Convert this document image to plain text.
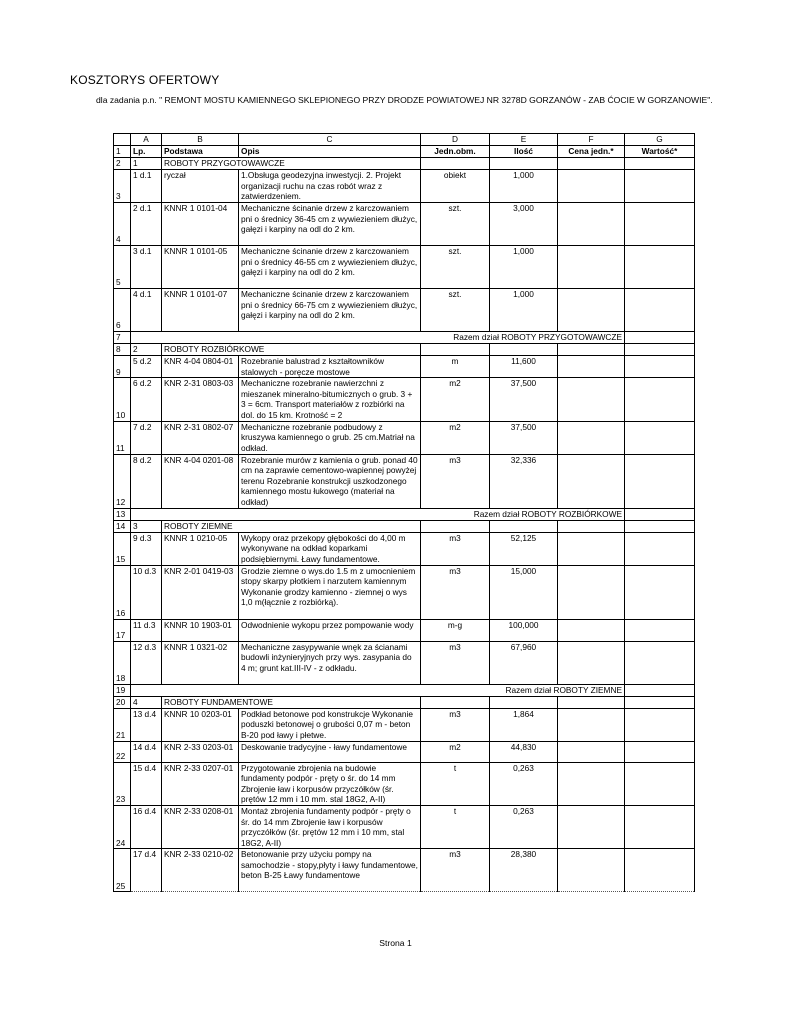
KOSZTORYS OFERTOWY
dla zadania p.n. " REMONT MOSTU KAMIENNEGO SKLEPIONEGO PRZY DRODZE POWIATOWEJ NR 3278D GORZANÓW - ZAB ĆOCIE W GORZANOWIE".
	A	B	C	D	E	F	G
1	Lp.	Podstawa	Opis	Jedn.obm.	Ilość	Cena jedn.*	Wartość*
2	1	ROBOTY PRZYGOTOWAWCZE					
3	1 d.1	ryczał	1.Obsługa geodezyjna inwestycji. 2. Projekt organizacji ruchu na czas robót wraz z zatwierdzeniem.	obiekt	1,000		
4	2 d.1	KNNR 1 0101-04	Mechaniczne ścinanie drzew z karczowaniem pni o średnicy 36-45 cm z wywiezieniem dłużyc, gałęzi i karpiny na odl do 2 km.	szt.	3,000		
5	3 d.1	KNNR 1 0101-05	Mechaniczne ścinanie drzew z karczowaniem pni o średnicy 46-55 cm z wywiezieniem dłużyc, gałęzi i karpiny na odl do 2 km.	szt.	1,000		
6	4 d.1	KNNR 1 0101-07	Mechaniczne ścinanie drzew z karczowaniem pni o średnicy 66-75 cm z wywiezieniem dłużyc, gałęzi i karpiny na odl do 2 km.	szt.	1,000		
7				Razem dział ROBOTY PRZYGOTOWAWCZE			
8	2	ROBOTY ROZBIÓRKOWE					
9	5 d.2	KNR 4-04 0804-01	Rozebranie balustrad z kształtowników stalowych - poręcze mostowe	m	11,600		
10	6 d.2	KNR 2-31 0803-03	Mechaniczne rozebranie nawierzchni z mieszanek mineralno-bitumicznych o grub. 3 + 3 = 6cm. Transport materiałów z rozbiórki na dol. do 15 km. Krotność = 2	m2	37,500		
11	7 d.2	KNR 2-31 0802-07	Mechaniczne rozebranie podbudowy z kruszywa kamiennego o grub. 25 cm.Matriał na odkład.	m2	37,500		
12	8 d.2	KNR 4-04 0201-08	Rozebranie murów z kamienia o grub. ponad 40 cm na zaprawie cementowo-wapiennej powyżej terenu Rozebranie konstrukcji uszkodzonego kamiennego mostu łukowego (materiał na odkład)	m3	32,336		
13				Razem dział ROBOTY ROZBIÓRKOWE			
14	3	ROBOTY ZIEMNE					
15	9 d.3	KNNR 1 0210-05	Wykopy oraz przekopy głębokości do 4,00 m wykonywane na odkład koparkami podsiębiernymi. Ławy fundamentowe.	m3	52,125		
16	10 d.3	KNR 2-01 0419-03	Grodzie ziemne o wys.do 1.5 m z umocnieniem stopy skarpy płotkiem i narzutem kamiennym Wykonanie grodzy kamienno - ziemnej o wys 1,0 m(łącznie z rozbiórką).	m3	15,000		
17	11 d.3	KNNR 10 1903-01	Odwodnienie wykopu przez pompowanie wody	m-g	100,000		
18	12 d.3	KNNR 1 0321-02	Mechaniczne zasypywanie wnęk za ścianami budowli inżynieryjnych przy wys. zasypania do 4 m; grunt kat.III-IV - z odkładu.	m3	67,960		
19				Razem dział ROBOTY ZIEMNE			
20	4	ROBOTY FUNDAMENTOWE					
21	13 d.4	KNNR 10 0203-01	Podkład betonowe pod konstrukcje Wykonanie poduszki betonowej o grubości 0,07 m - beton B-20 pod ławy i płetwe.	m3	1,864		
22	14 d.4	KNR 2-33 0203-01	Deskowanie tradycyjne - ławy fundamentowe	m2	44,830		
23	15 d.4	KNR 2-33 0207-01	Przygotowanie zbrojenia na budowie fundamenty podpór - pręty o śr. do 14 mm Zbrojenie ław i korpusów przyczółków (śr. prętów 12 mm i 10 mm. stal 18G2, A-II)	t	0,263		
24	16 d.4	KNR 2-33 0208-01	Montaż zbrojenia fundamenty podpór - pręty o śr. do 14 mm Zbrojenie ław i korpusów przyczółków (śr. prętów 12 mm i 10 mm, stal 18G2, A-II)	t	0,263		
25	17 d.4	KNR 2-33 0210-02	Betonowanie przy użyciu pompy na samochodzie - stopy,płyty i ławy fundamentowe, beton B-25 Ławy fundamentowe	m3	28,380		
Strona 1
